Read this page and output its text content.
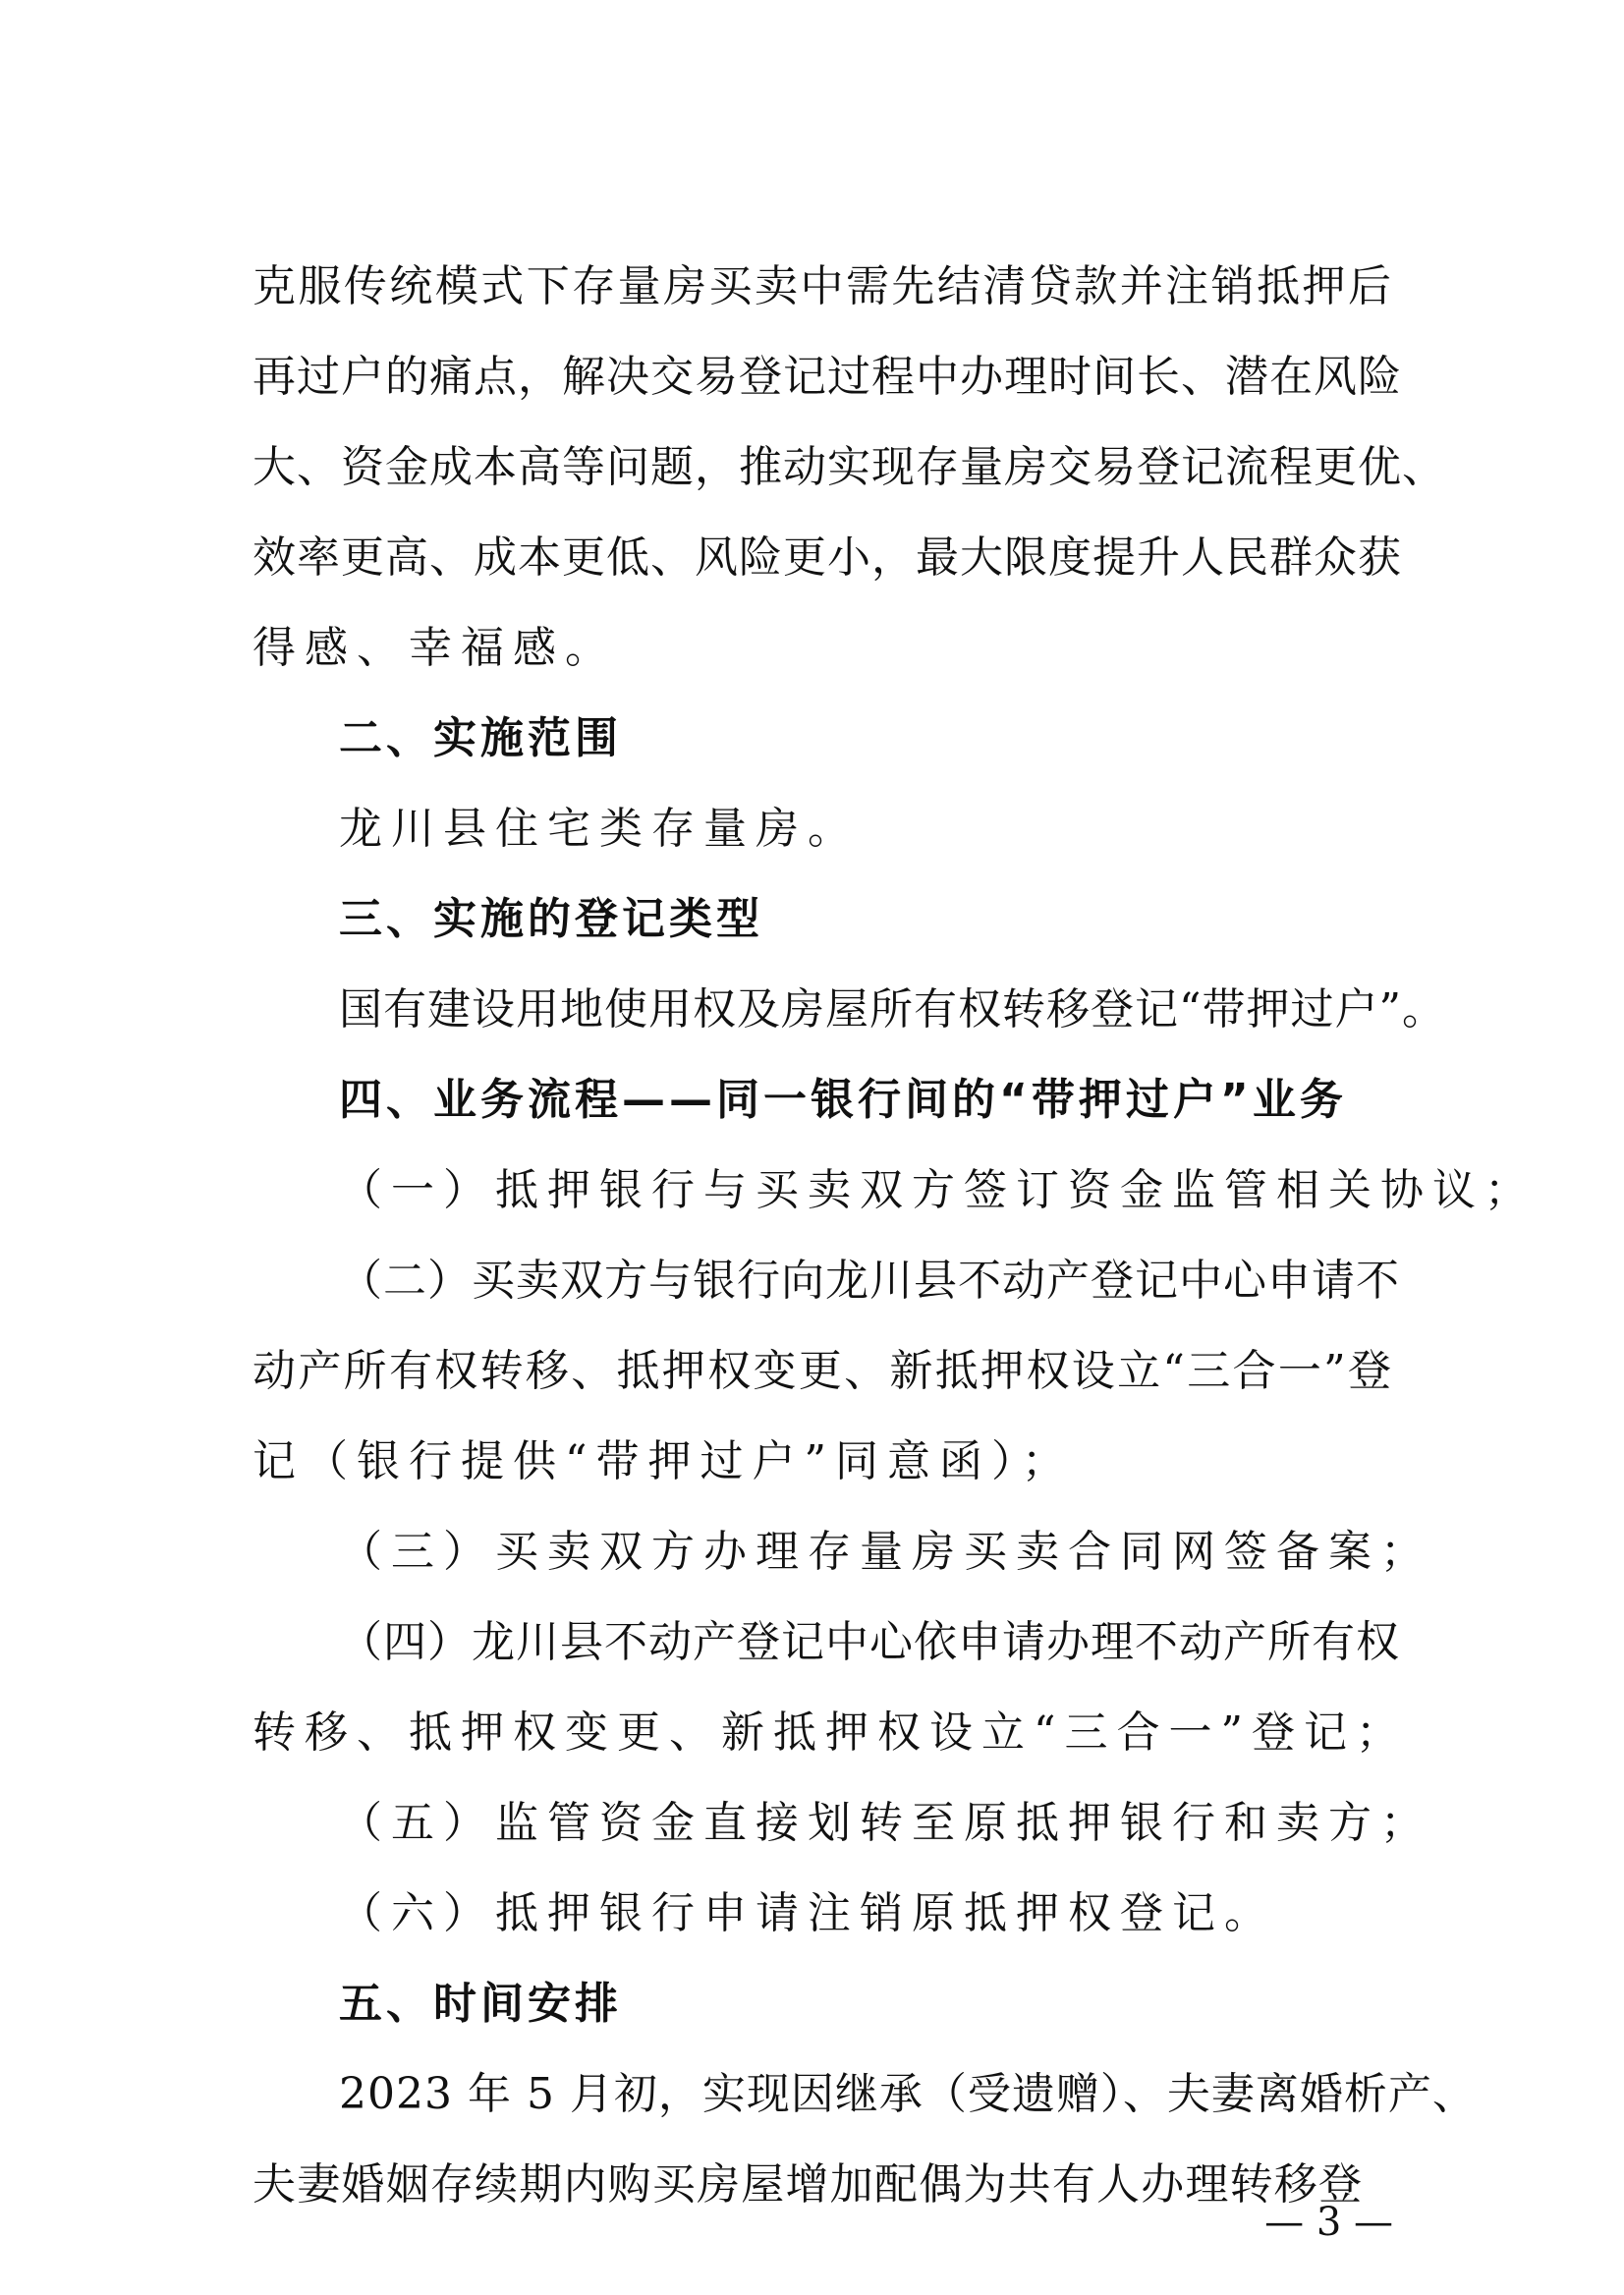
克服传统模式下存量房买卖中需先结清贷款并注销抵押后
再过户的痛点，解决交易登记过程中办理时间长、潜在风险
大、资金成本高等问题，推动实现存量房交易登记流程更优、
效率更高、成本更低、风险更小，最大限度提升人民群众获
得感、幸福感。
二、实施范围
龙川县住宅类存量房。
三、实施的登记类型
国有建设用地使用权及房屋所有权转移登记“带押过户”。
四、业务流程——同一银行间的“带押过户”业务
（一）抵押银行与买卖双方签订资金监管相关协议；
（二）买卖双方与银行向龙川县不动产登记中心申请不
动产所有权转移、抵押权变更、新抵押权设立“三合一”登
记（银行提供“带押过户”同意函）；
（三）买卖双方办理存量房买卖合同网签备案；
（四）龙川县不动产登记中心依申请办理不动产所有权
转移、抵押权变更、新抵押权设立“三合一”登记；
（五）监管资金直接划转至原抵押银行和卖方；
（六）抵押银行申请注销原抵押权登记。
五、时间安排
2023 年 5 月初，实现因继承（受遗赠）、夫妻离婚析产、
夫妻婚姻存续期内购买房屋增加配偶为共有人办理转移登
— 3 —
